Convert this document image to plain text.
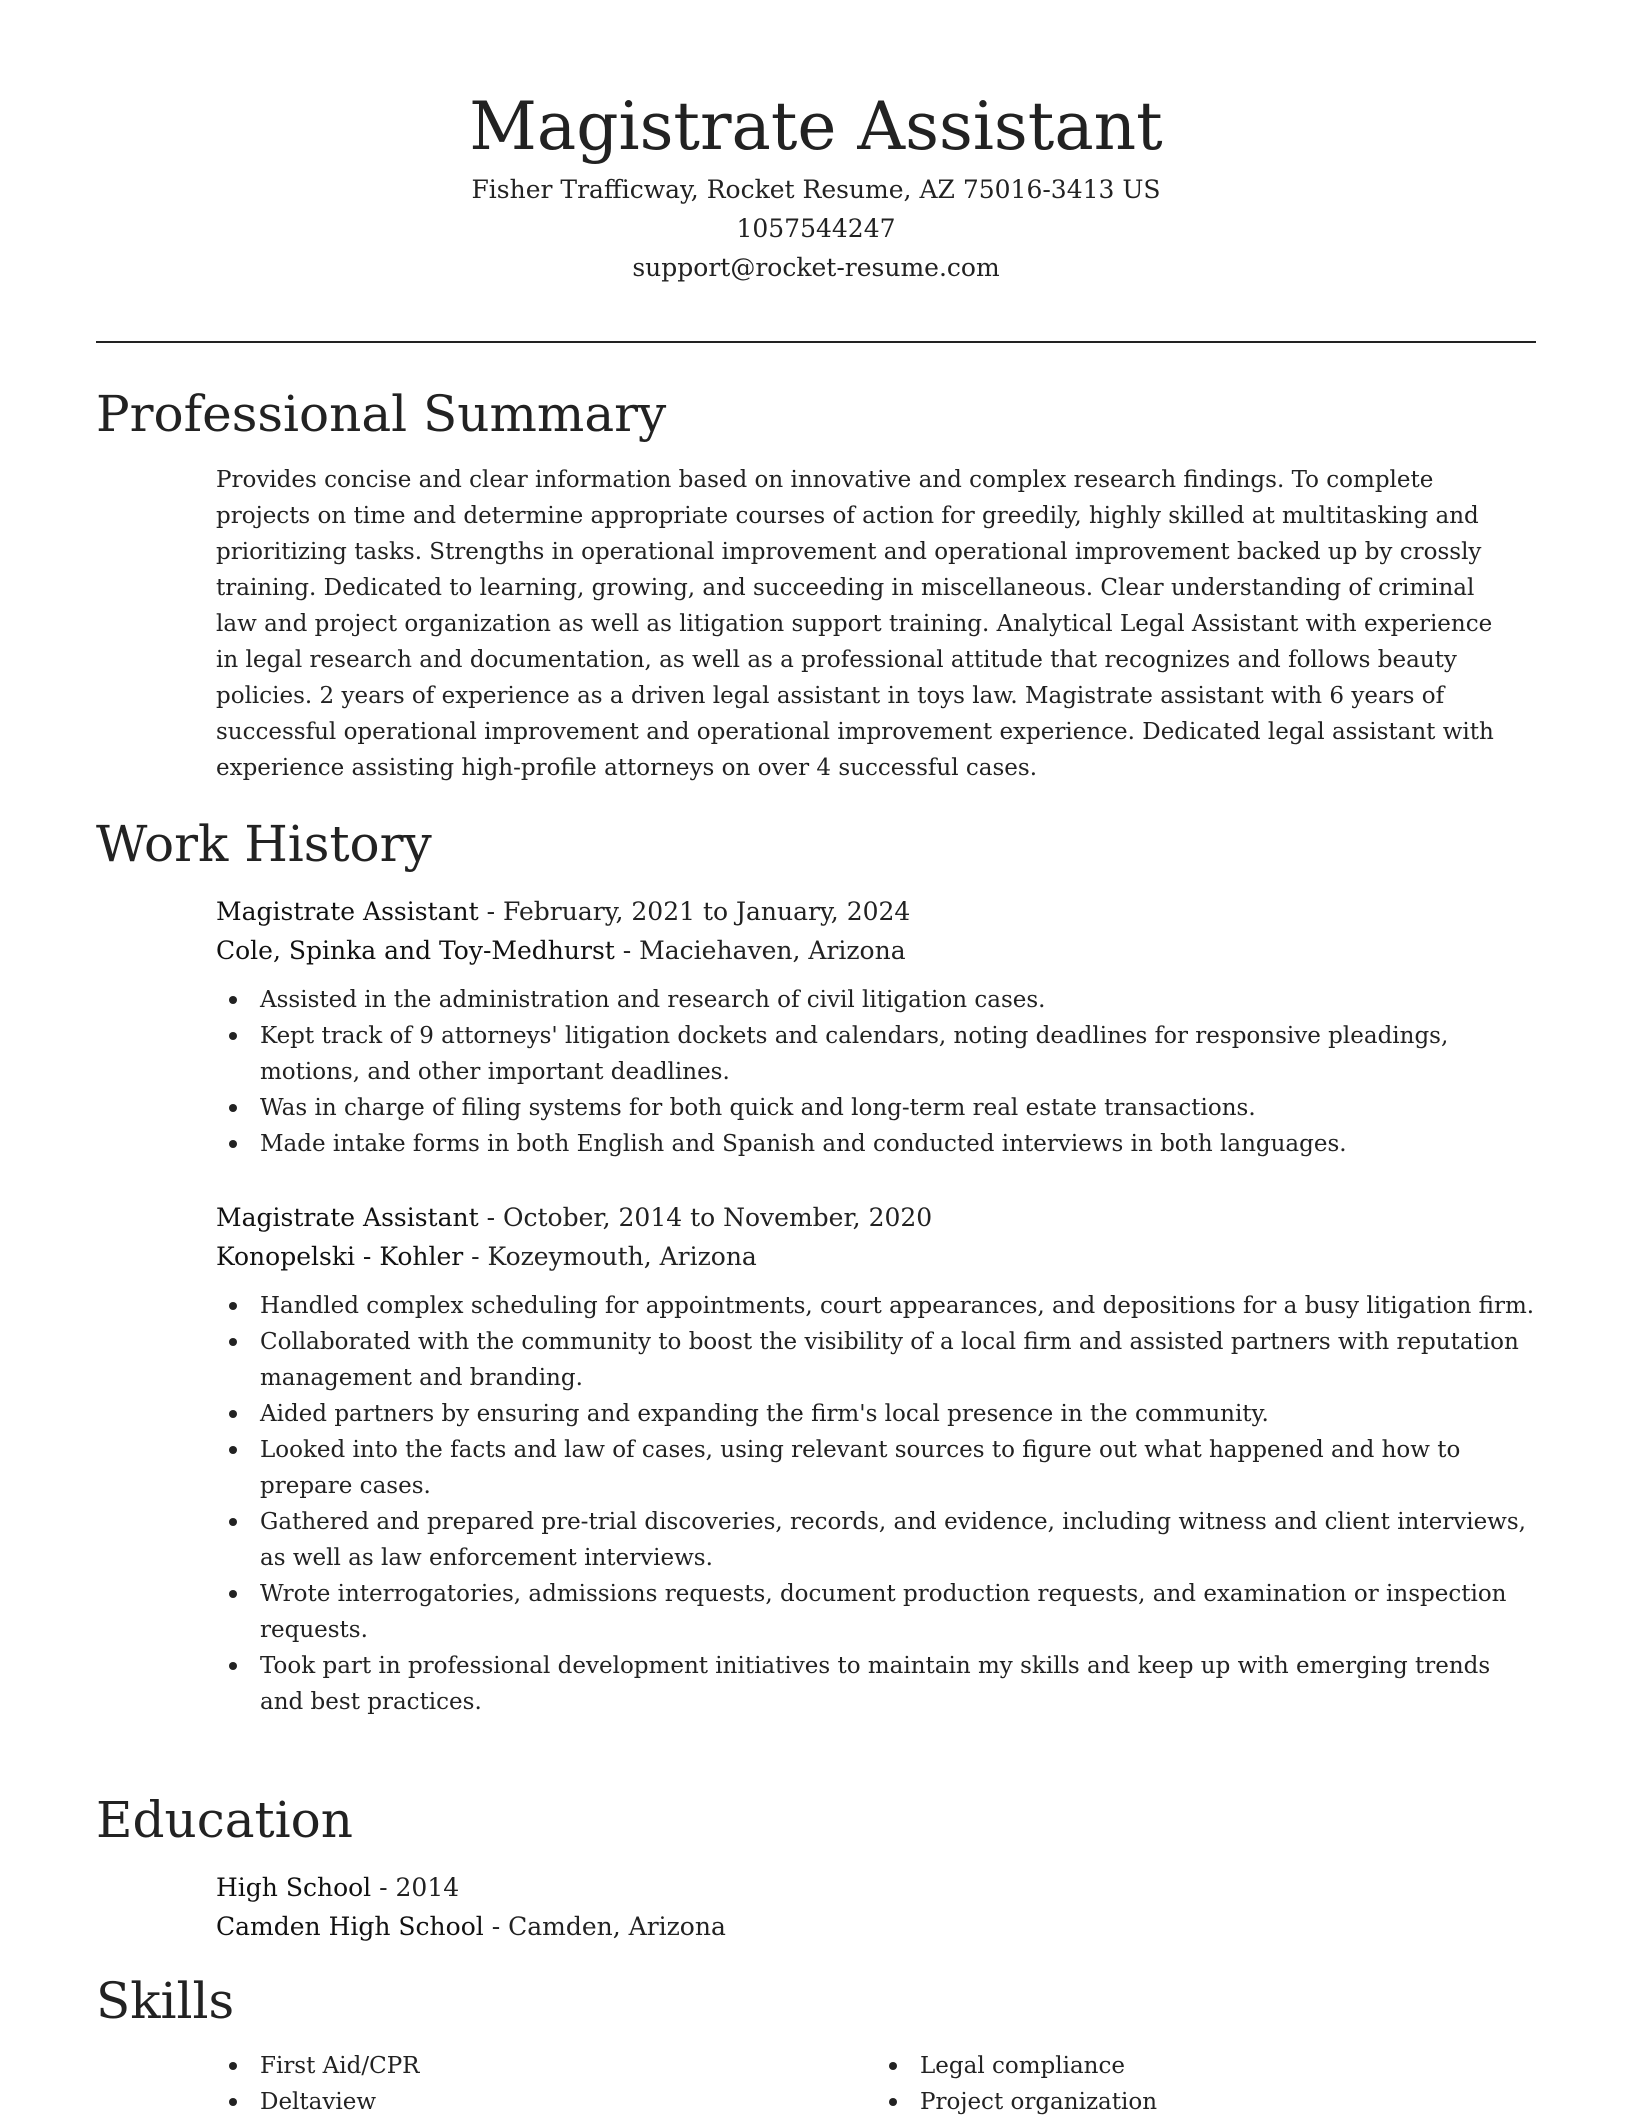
Magistrate Assistant

Fisher Trafficway, Rocket Resume, AZ 75016-3413 US

1057544247

support@rocket-resume.com

Professional Summary

Provides concise and clear information based on innovative and complex research findings. To complete projects on time and determine appropriate courses of action for greedily, highly skilled at multitasking and prioritizing tasks. Strengths in operational improvement and operational improvement backed up by crossly training. Dedicated to learning, growing, and succeeding in miscellaneous. Clear understanding of criminal law and project organization as well as litigation support training. Analytical Legal Assistant with experience in legal research and documentation, as well as a professional attitude that recognizes and follows beauty policies. 2 years of experience as a driven legal assistant in toys law. Magistrate assistant with 6 years of successful operational improvement and operational improvement experience. Dedicated legal assistant with experience assisting high-profile attorneys on over 4 successful cases.

Work History

Magistrate Assistant - February, 2021 to January, 2024

Cole, Spinka and Toy-Medhurst - Maciehaven, Arizona

Assisted in the administration and research of civil litigation cases.
Kept track of 9 attorneys' litigation dockets and calendars, noting deadlines for responsive pleadings, motions, and other important deadlines.
Was in charge of filing systems for both quick and long-term real estate transactions.
Made intake forms in both English and Spanish and conducted interviews in both languages.

Magistrate Assistant - October, 2014 to November, 2020

Konopelski - Kohler - Kozeymouth, Arizona

Handled complex scheduling for appointments, court appearances, and depositions for a busy litigation firm.
Collaborated with the community to boost the visibility of a local firm and assisted partners with reputation management and branding.
Aided partners by ensuring and expanding the firm's local presence in the community.
Looked into the facts and law of cases, using relevant sources to figure out what happened and how to prepare cases.
Gathered and prepared pre-trial discoveries, records, and evidence, including witness and client interviews, as well as law enforcement interviews.
Wrote interrogatories, admissions requests, document production requests, and examination or inspection requests.
Took part in professional development initiatives to maintain my skills and keep up with emerging trends and best practices.
Education

High School - 2014

Camden High School - Camden, Arizona

Skills
First Aid/CPR
Deltaview
Legal compliance
Project organization
